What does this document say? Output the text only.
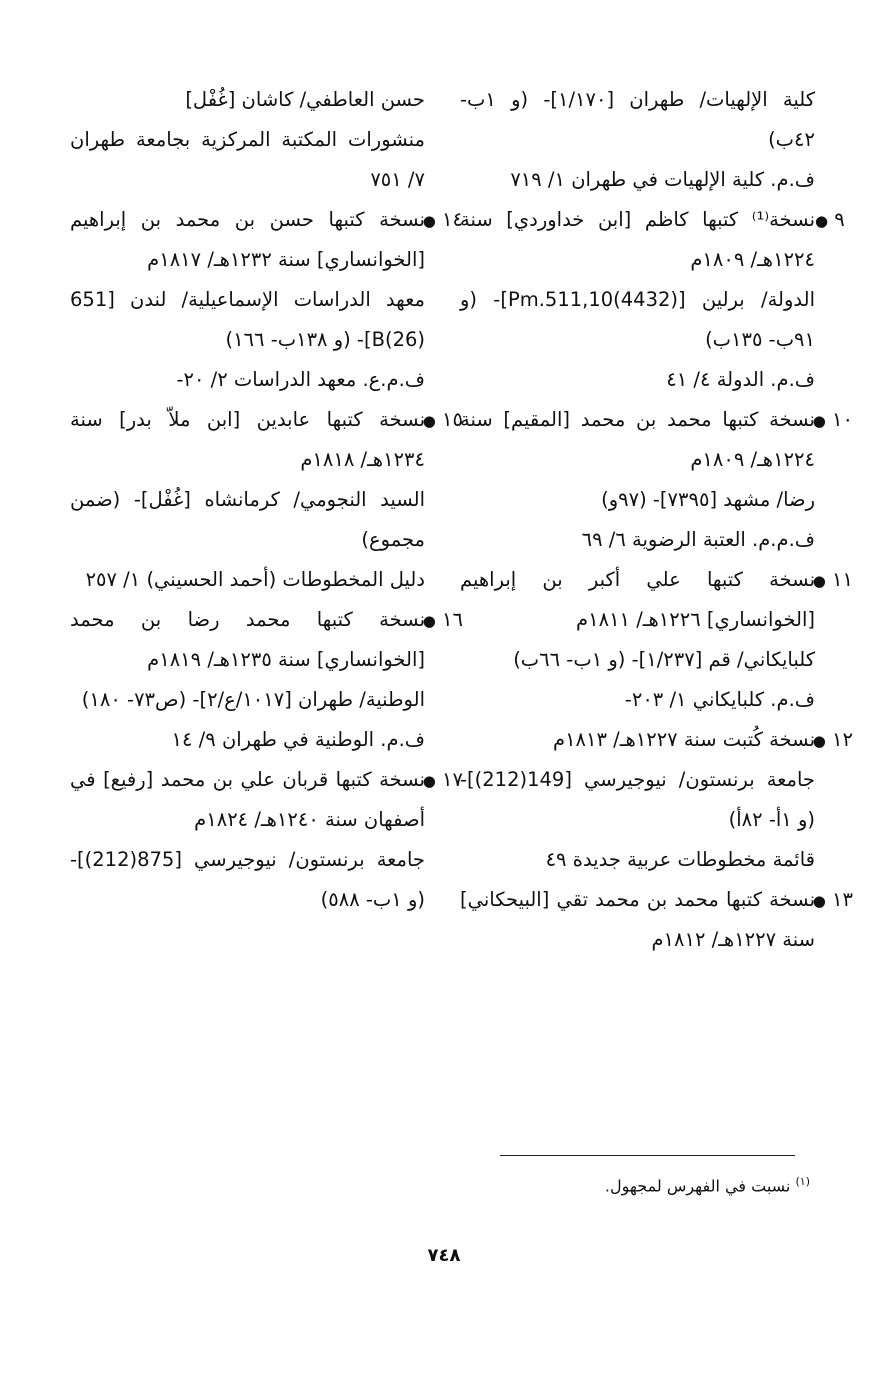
كلية الإلهيات/ طهران [١/١٧٠]- (و ١ب- ٤٢ب)

ف.م. كلية الإلهيات في طهران ١/ ٧١٩

٩ ●
نسخة⁽¹⁾ كتبها كاظم [ابن خداوردي] سنة ١٢٢٤هـ/ ١٨٠٩م

الدولة/ برلين [(4432)Pm.511,10]- (و ٩١ب- ١٣٥ب)

ف.م. الدولة ٤/ ٤١

١٠ ●
نسخة كتبها محمد بن محمد [المقيم] سنة ١٢٢٤هـ/ ١٨٠٩م

رضا/ مشهد [٧٣٩٥]- (٩٧و)

ف.م.م. العتبة الرضوية ٦/ ٦٩

١١ ●
نسخة كتبها علي أكبر بن إبراهيم [الخوانساري] ١٢٢٦هـ/ ١٨١١م

كلبايكاني/ قم [١/٢٣٧]- (و ١ب- ٦٦ب)

ف.م. كلبايكاني ١/ ٢٠٣-

١٢ ●
نسخة كُتبت سنة ١٢٢٧هـ/ ١٨١٣م

جامعة برنستون/ نيوجيرسي [149(212)]- (و ١أ- ٨٢أ)

قائمة مخطوطات عربية جديدة ٤٩

١٣ ●
نسخة كتبها محمد بن محمد تقي [البيحكاني] سنة ١٢٢٧هـ/ ١٨١٢م

حسن العاطفي/ كاشان [غُفْل]

منشورات المكتبة المركزية بجامعة طهران ٧/ ٧٥١

١٤ ●
نسخة كتبها حسن بن محمد بن إبراهيم [الخوانساري] سنة ١٢٣٢هـ/ ١٨١٧م

معهد الدراسات الإسماعيلية/ لندن [651 B(26)]- (و ١٣٨ب- ١٦٦)

ف.م.ع. معهد الدراسات ٢/ ٢٠-

١٥ ●
نسخة كتبها عابدين [ابن ملاّ بدر] سنة ١٢٣٤هـ/ ١٨١٨م

السيد النجومي/ كرمانشاه [غُفْل]- (ضمن مجموع)

دليل المخطوطات (أحمد الحسيني) ١/ ٢٥٧

١٦ ●
نسخة كتبها محمد رضا بن محمد [الخوانساري] سنة ١٢٣٥هـ/ ١٨١٩م

الوطنية/ طهران [١٠١٧/ع/٢]- (ص٧٣- ١٨٠)

ف.م. الوطنية في طهران ٩/ ١٤

١٧ ●
نسخة كتبها قربان علي بن محمد [رفيع] في أصفهان سنة ١٢٤٠هـ/ ١٨٢٤م

جامعة برنستون/ نيوجيرسي [875(212)]- (و ١ب- ٥٨٨)

$^{(١)}$ نسبت في الفهرس لمجهول.
٧٤٨
